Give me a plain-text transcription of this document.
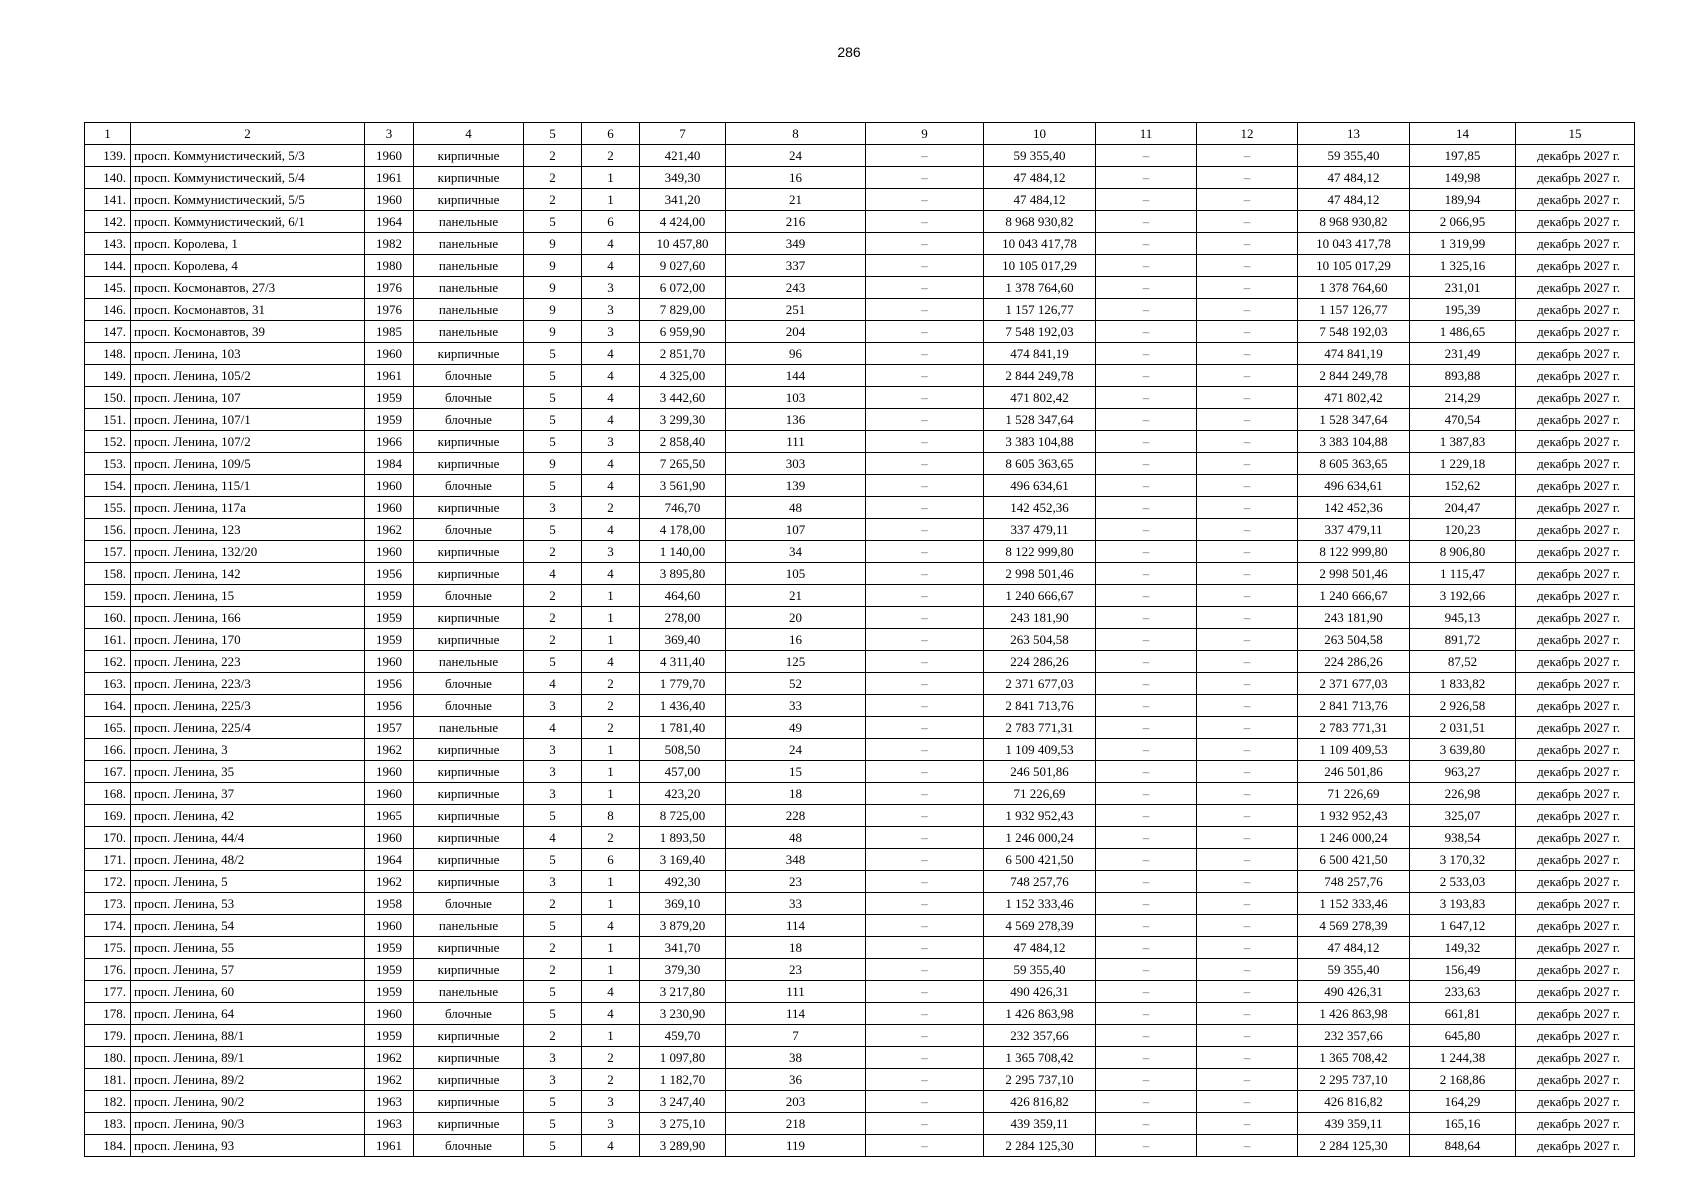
286
1	2	3	4	5	6	7	8	9	10	11	12	13	14	15
139.	просп. Коммунистический, 5/3	1960	кирпичные	2	2	421,40	24	–	59 355,40	–	–	59 355,40	197,85	декабрь 2027 г.
140.	просп. Коммунистический, 5/4	1961	кирпичные	2	1	349,30	16	–	47 484,12	–	–	47 484,12	149,98	декабрь 2027 г.
141.	просп. Коммунистический, 5/5	1960	кирпичные	2	1	341,20	21	–	47 484,12	–	–	47 484,12	189,94	декабрь 2027 г.
142.	просп. Коммунистический, 6/1	1964	панельные	5	6	4 424,00	216	–	8 968 930,82	–	–	8 968 930,82	2 066,95	декабрь 2027 г.
143.	просп. Королева, 1	1982	панельные	9	4	10 457,80	349	–	10 043 417,78	–	–	10 043 417,78	1 319,99	декабрь 2027 г.
144.	просп. Королева, 4	1980	панельные	9	4	9 027,60	337	–	10 105 017,29	–	–	10 105 017,29	1 325,16	декабрь 2027 г.
145.	просп. Космонавтов, 27/3	1976	панельные	9	3	6 072,00	243	–	1 378 764,60	–	–	1 378 764,60	231,01	декабрь 2027 г.
146.	просп. Космонавтов, 31	1976	панельные	9	3	7 829,00	251	–	1 157 126,77	–	–	1 157 126,77	195,39	декабрь 2027 г.
147.	просп. Космонавтов, 39	1985	панельные	9	3	6 959,90	204	–	7 548 192,03	–	–	7 548 192,03	1 486,65	декабрь 2027 г.
148.	просп. Ленина, 103	1960	кирпичные	5	4	2 851,70	96	–	474 841,19	–	–	474 841,19	231,49	декабрь 2027 г.
149.	просп. Ленина, 105/2	1961	блочные	5	4	4 325,00	144	–	2 844 249,78	–	–	2 844 249,78	893,88	декабрь 2027 г.
150.	просп. Ленина, 107	1959	блочные	5	4	3 442,60	103	–	471 802,42	–	–	471 802,42	214,29	декабрь 2027 г.
151.	просп. Ленина, 107/1	1959	блочные	5	4	3 299,30	136	–	1 528 347,64	–	–	1 528 347,64	470,54	декабрь 2027 г.
152.	просп. Ленина, 107/2	1966	кирпичные	5	3	2 858,40	111	–	3 383 104,88	–	–	3 383 104,88	1 387,83	декабрь 2027 г.
153.	просп. Ленина, 109/5	1984	кирпичные	9	4	7 265,50	303	–	8 605 363,65	–	–	8 605 363,65	1 229,18	декабрь 2027 г.
154.	просп. Ленина, 115/1	1960	блочные	5	4	3 561,90	139	–	496 634,61	–	–	496 634,61	152,62	декабрь 2027 г.
155.	просп. Ленина, 117а	1960	кирпичные	3	2	746,70	48	–	142 452,36	–	–	142 452,36	204,47	декабрь 2027 г.
156.	просп. Ленина, 123	1962	блочные	5	4	4 178,00	107	–	337 479,11	–	–	337 479,11	120,23	декабрь 2027 г.
157.	просп. Ленина, 132/20	1960	кирпичные	2	3	1 140,00	34	–	8 122 999,80	–	–	8 122 999,80	8 906,80	декабрь 2027 г.
158.	просп. Ленина, 142	1956	кирпичные	4	4	3 895,80	105	–	2 998 501,46	–	–	2 998 501,46	1 115,47	декабрь 2027 г.
159.	просп. Ленина, 15	1959	блочные	2	1	464,60	21	–	1 240 666,67	–	–	1 240 666,67	3 192,66	декабрь 2027 г.
160.	просп. Ленина, 166	1959	кирпичные	2	1	278,00	20	–	243 181,90	–	–	243 181,90	945,13	декабрь 2027 г.
161.	просп. Ленина, 170	1959	кирпичные	2	1	369,40	16	–	263 504,58	–	–	263 504,58	891,72	декабрь 2027 г.
162.	просп. Ленина, 223	1960	панельные	5	4	4 311,40	125	–	224 286,26	–	–	224 286,26	87,52	декабрь 2027 г.
163.	просп. Ленина, 223/3	1956	блочные	4	2	1 779,70	52	–	2 371 677,03	–	–	2 371 677,03	1 833,82	декабрь 2027 г.
164.	просп. Ленина, 225/3	1956	блочные	3	2	1 436,40	33	–	2 841 713,76	–	–	2 841 713,76	2 926,58	декабрь 2027 г.
165.	просп. Ленина, 225/4	1957	панельные	4	2	1 781,40	49	–	2 783 771,31	–	–	2 783 771,31	2 031,51	декабрь 2027 г.
166.	просп. Ленина, 3	1962	кирпичные	3	1	508,50	24	–	1 109 409,53	–	–	1 109 409,53	3 639,80	декабрь 2027 г.
167.	просп. Ленина, 35	1960	кирпичные	3	1	457,00	15	–	246 501,86	–	–	246 501,86	963,27	декабрь 2027 г.
168.	просп. Ленина, 37	1960	кирпичные	3	1	423,20	18	–	71 226,69	–	–	71 226,69	226,98	декабрь 2027 г.
169.	просп. Ленина, 42	1965	кирпичные	5	8	8 725,00	228	–	1 932 952,43	–	–	1 932 952,43	325,07	декабрь 2027 г.
170.	просп. Ленина, 44/4	1960	кирпичные	4	2	1 893,50	48	–	1 246 000,24	–	–	1 246 000,24	938,54	декабрь 2027 г.
171.	просп. Ленина, 48/2	1964	кирпичные	5	6	3 169,40	348	–	6 500 421,50	–	–	6 500 421,50	3 170,32	декабрь 2027 г.
172.	просп. Ленина, 5	1962	кирпичные	3	1	492,30	23	–	748 257,76	–	–	748 257,76	2 533,03	декабрь 2027 г.
173.	просп. Ленина, 53	1958	блочные	2	1	369,10	33	–	1 152 333,46	–	–	1 152 333,46	3 193,83	декабрь 2027 г.
174.	просп. Ленина, 54	1960	панельные	5	4	3 879,20	114	–	4 569 278,39	–	–	4 569 278,39	1 647,12	декабрь 2027 г.
175.	просп. Ленина, 55	1959	кирпичные	2	1	341,70	18	–	47 484,12	–	–	47 484,12	149,32	декабрь 2027 г.
176.	просп. Ленина, 57	1959	кирпичные	2	1	379,30	23	–	59 355,40	–	–	59 355,40	156,49	декабрь 2027 г.
177.	просп. Ленина, 60	1959	панельные	5	4	3 217,80	111	–	490 426,31	–	–	490 426,31	233,63	декабрь 2027 г.
178.	просп. Ленина, 64	1960	блочные	5	4	3 230,90	114	–	1 426 863,98	–	–	1 426 863,98	661,81	декабрь 2027 г.
179.	просп. Ленина, 88/1	1959	кирпичные	2	1	459,70	7	–	232 357,66	–	–	232 357,66	645,80	декабрь 2027 г.
180.	просп. Ленина, 89/1	1962	кирпичные	3	2	1 097,80	38	–	1 365 708,42	–	–	1 365 708,42	1 244,38	декабрь 2027 г.
181.	просп. Ленина, 89/2	1962	кирпичные	3	2	1 182,70	36	–	2 295 737,10	–	–	2 295 737,10	2 168,86	декабрь 2027 г.
182.	просп. Ленина, 90/2	1963	кирпичные	5	3	3 247,40	203	–	426 816,82	–	–	426 816,82	164,29	декабрь 2027 г.
183.	просп. Ленина, 90/3	1963	кирпичные	5	3	3 275,10	218	–	439 359,11	–	–	439 359,11	165,16	декабрь 2027 г.
184.	просп. Ленина, 93	1961	блочные	5	4	3 289,90	119	–	2 284 125,30	–	–	2 284 125,30	848,64	декабрь 2027 г.
